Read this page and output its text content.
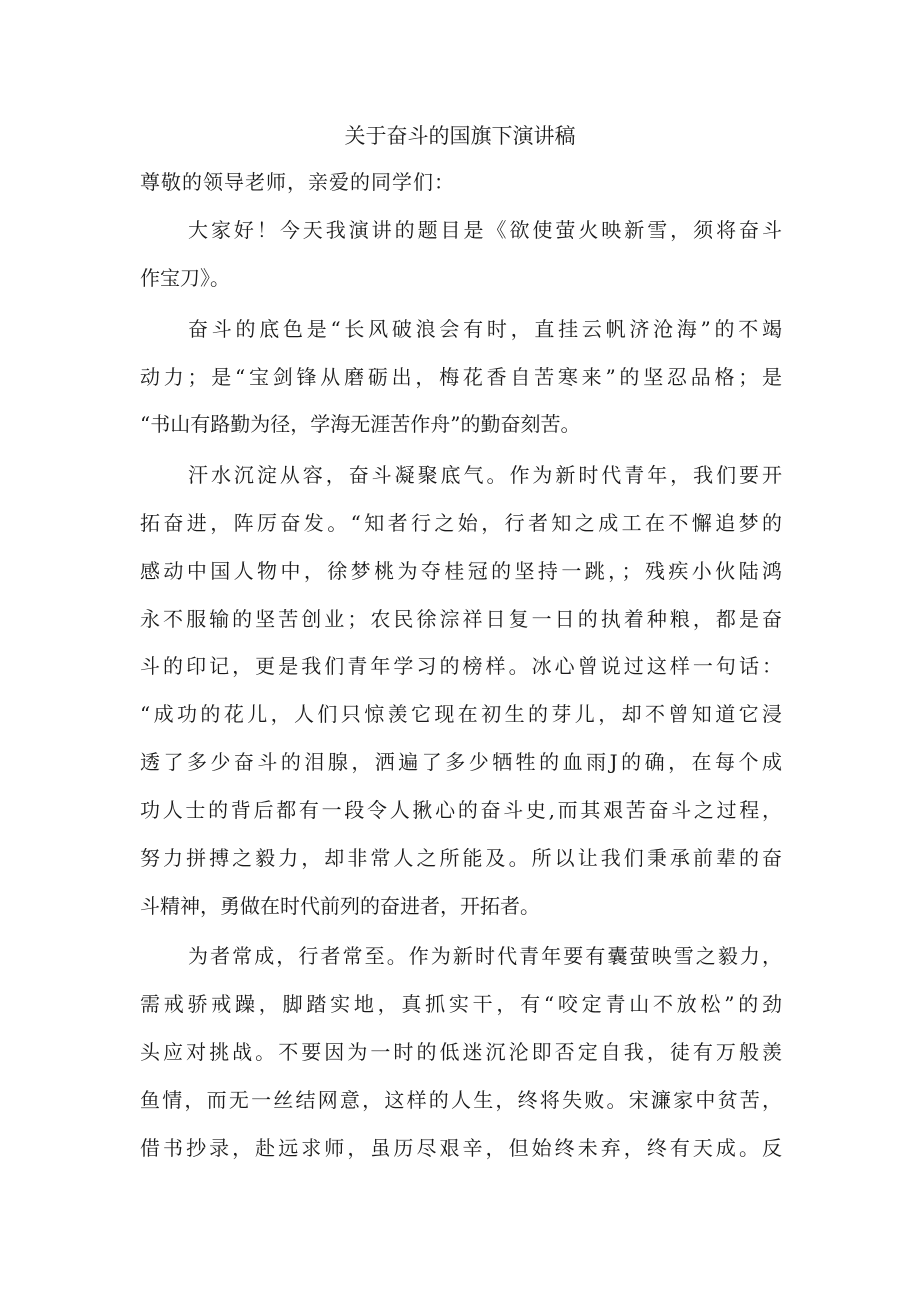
关于奋斗的国旗下演讲稿

尊敬的领导老师，亲爱的同学们：

大家好！今天我演讲的题目是《欲使萤火映新雪，须将奋斗
作宝刀》。
奋斗的底色是“长风破浪会有时，直挂云帆济沧海”的不竭
动力；是“宝剑锋从磨砺出，梅花香自苦寒来”的坚忍品格；是
“书山有路勤为径，学海无涯苦作舟”的勤奋刻苦。
汗水沉淀从容，奋斗凝聚底气。作为新时代青年，我们要开
拓奋进，阵厉奋发。“知者行之始，行者知之成工在不懈追梦的
感动中国人物中，徐梦桃为夺桂冠的坚持一跳，；残疾小伙陆鸿
永不服输的坚苦创业；农民徐淙祥日复一日的执着种粮，都是奋
斗的印记，更是我们青年学习的榜样。冰心曾说过这样一句话：
“成功的花儿，人们只惊羡它现在初生的芽儿，却不曾知道它浸
透了多少奋斗的泪腺，洒遍了多少牺牲的血雨J的确，在每个成
功人士的背后都有一段令人揪心的奋斗史,而其艰苦奋斗之过程，
努力拼搏之毅力，却非常人之所能及。所以让我们秉承前辈的奋
斗精神，勇做在时代前列的奋进者，开拓者。
为者常成，行者常至。作为新时代青年要有囊萤映雪之毅力，
需戒骄戒躁，脚踏实地，真抓实干，有“咬定青山不放松”的劲
头应对挑战。不要因为一时的低迷沉沦即否定自我，徒有万般羡
鱼情，而无一丝结网意，这样的人生，终将失败。宋濂家中贫苦，
借书抄录，赴远求师，虽历尽艰辛，但始终未弃，终有天成。反
